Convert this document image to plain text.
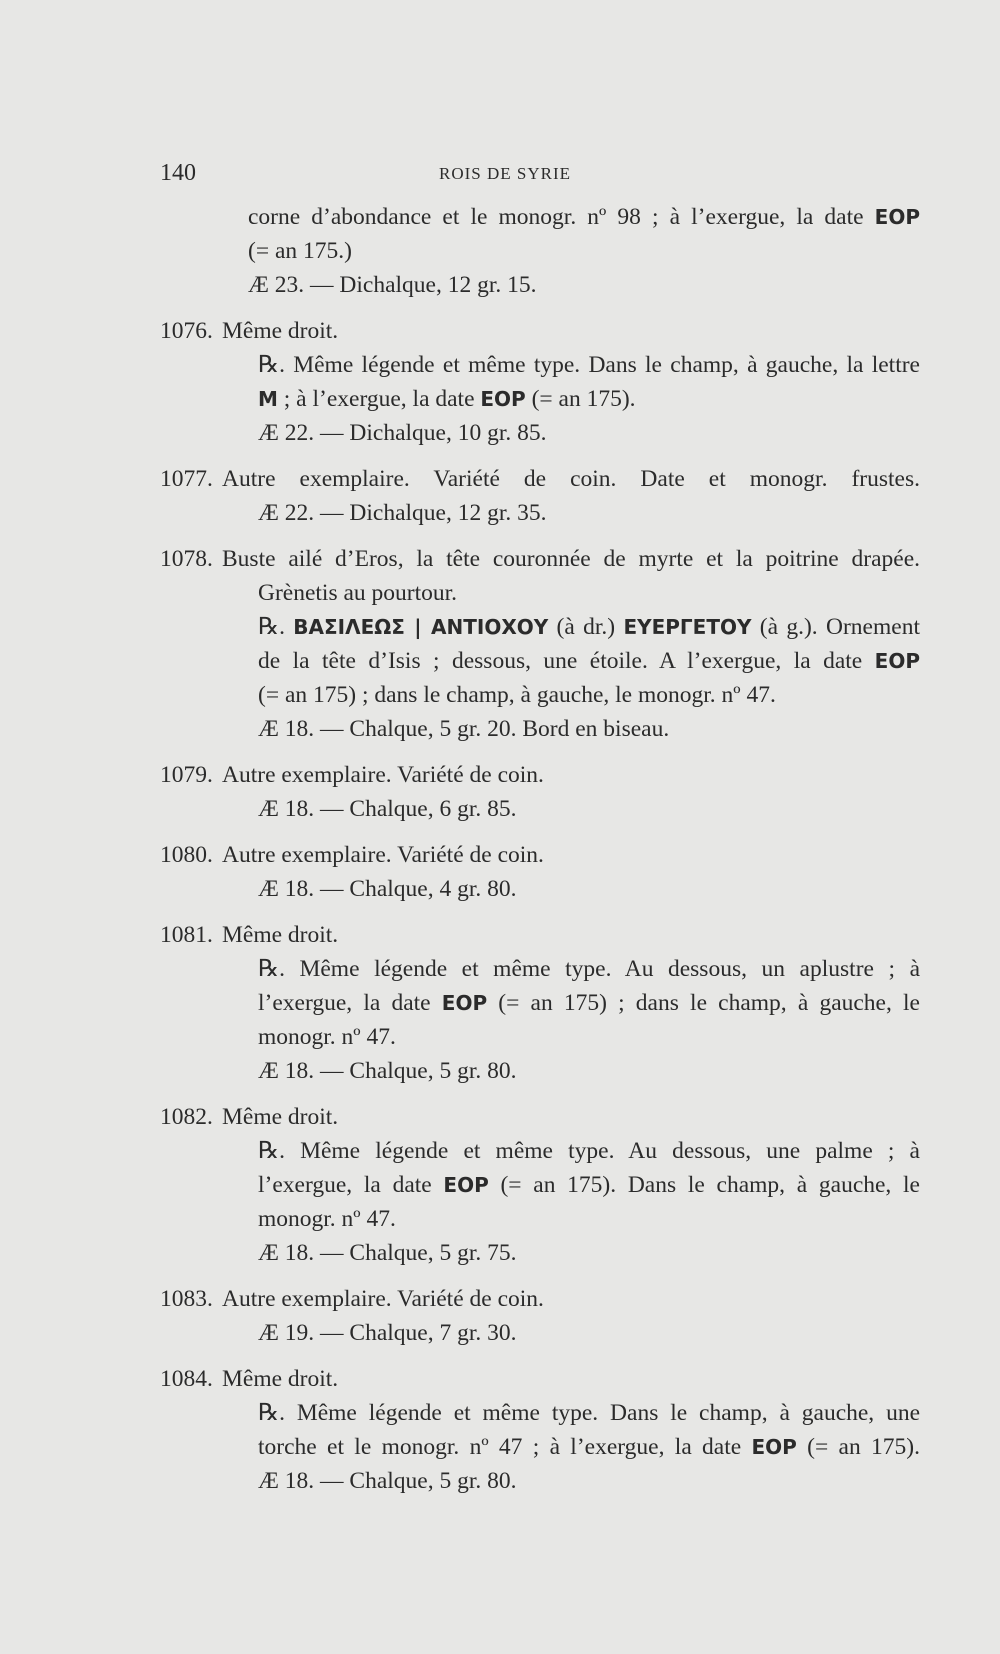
140	ROIS DE SYRIE
corne d’abondance et le monogr. nº 98 ; à l’exergue, la date EOP
(= an 175.)
Æ 23. — Dichalque, 12 gr. 15.
1076. Même droit.
℞. Même légende et même type. Dans le champ, à gauche, la lettre
M ; à l’exergue, la date EOP (= an 175).
Æ 22. — Dichalque, 10 gr. 85.
1077. Autre exemplaire. Variété de coin. Date et monogr. frustes.
Æ 22. — Dichalque, 12 gr. 35.
1078. Buste ailé d’Eros, la tête couronnée de myrte et la poitrine drapée.
Grènetis au pourtour.
℞. ΒΑΣΙΛΕΩΣ | ΑΝΤΙΟΧΟΥ (à dr.) ΕΥΕΡΓΕΤΟΥ (à g.). Ornement
de la tête d’Isis ; dessous, une étoile. A l’exergue, la date EOP
(= an 175) ; dans le champ, à gauche, le monogr. nº 47.
Æ 18. — Chalque, 5 gr. 20. Bord en biseau.
1079. Autre exemplaire. Variété de coin.
Æ 18. — Chalque, 6 gr. 85.
1080. Autre exemplaire. Variété de coin.
Æ 18. — Chalque, 4 gr. 80.
1081. Même droit.
℞. Même légende et même type. Au dessous, un aplustre ; à
l’exergue, la date EOP (= an 175) ; dans le champ, à gauche, le
monogr. nº 47.
Æ 18. — Chalque, 5 gr. 80.
1082. Même droit.
℞. Même légende et même type. Au dessous, une palme ; à
l’exergue, la date EOP (= an 175). Dans le champ, à gauche, le
monogr. nº 47.
Æ 18. — Chalque, 5 gr. 75.
1083. Autre exemplaire. Variété de coin.
Æ 19. — Chalque, 7 gr. 30.
1084. Même droit.
℞. Même légende et même type. Dans le champ, à gauche, une
torche et le monogr. nº 47 ; à l’exergue, la date EOP (= an 175).
Æ 18. — Chalque, 5 gr. 80.
